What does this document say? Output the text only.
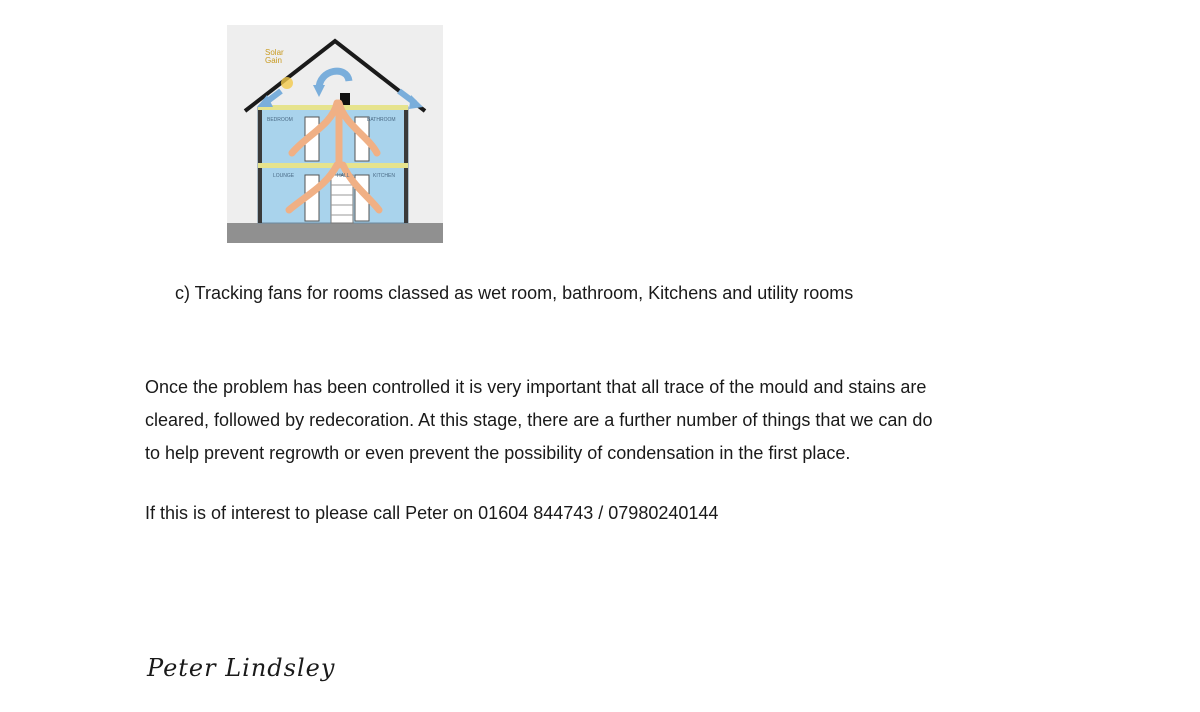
Solar
Gain
BEDROOM	BATHROOM
LOUNGE	HALL	KITCHEN
c) Tracking fans for rooms classed as wet room, bathroom, Kitchens and utility rooms
Once the problem has been controlled it is very important that all trace of the mould and stains are
cleared, followed by redecoration. At this stage, there are a further number of things that we can do
to help prevent regrowth or even prevent the possibility of condensation in the first place.
If this is of interest to please call Peter on 01604 844743 / 07980240144
Peter Lindsley
